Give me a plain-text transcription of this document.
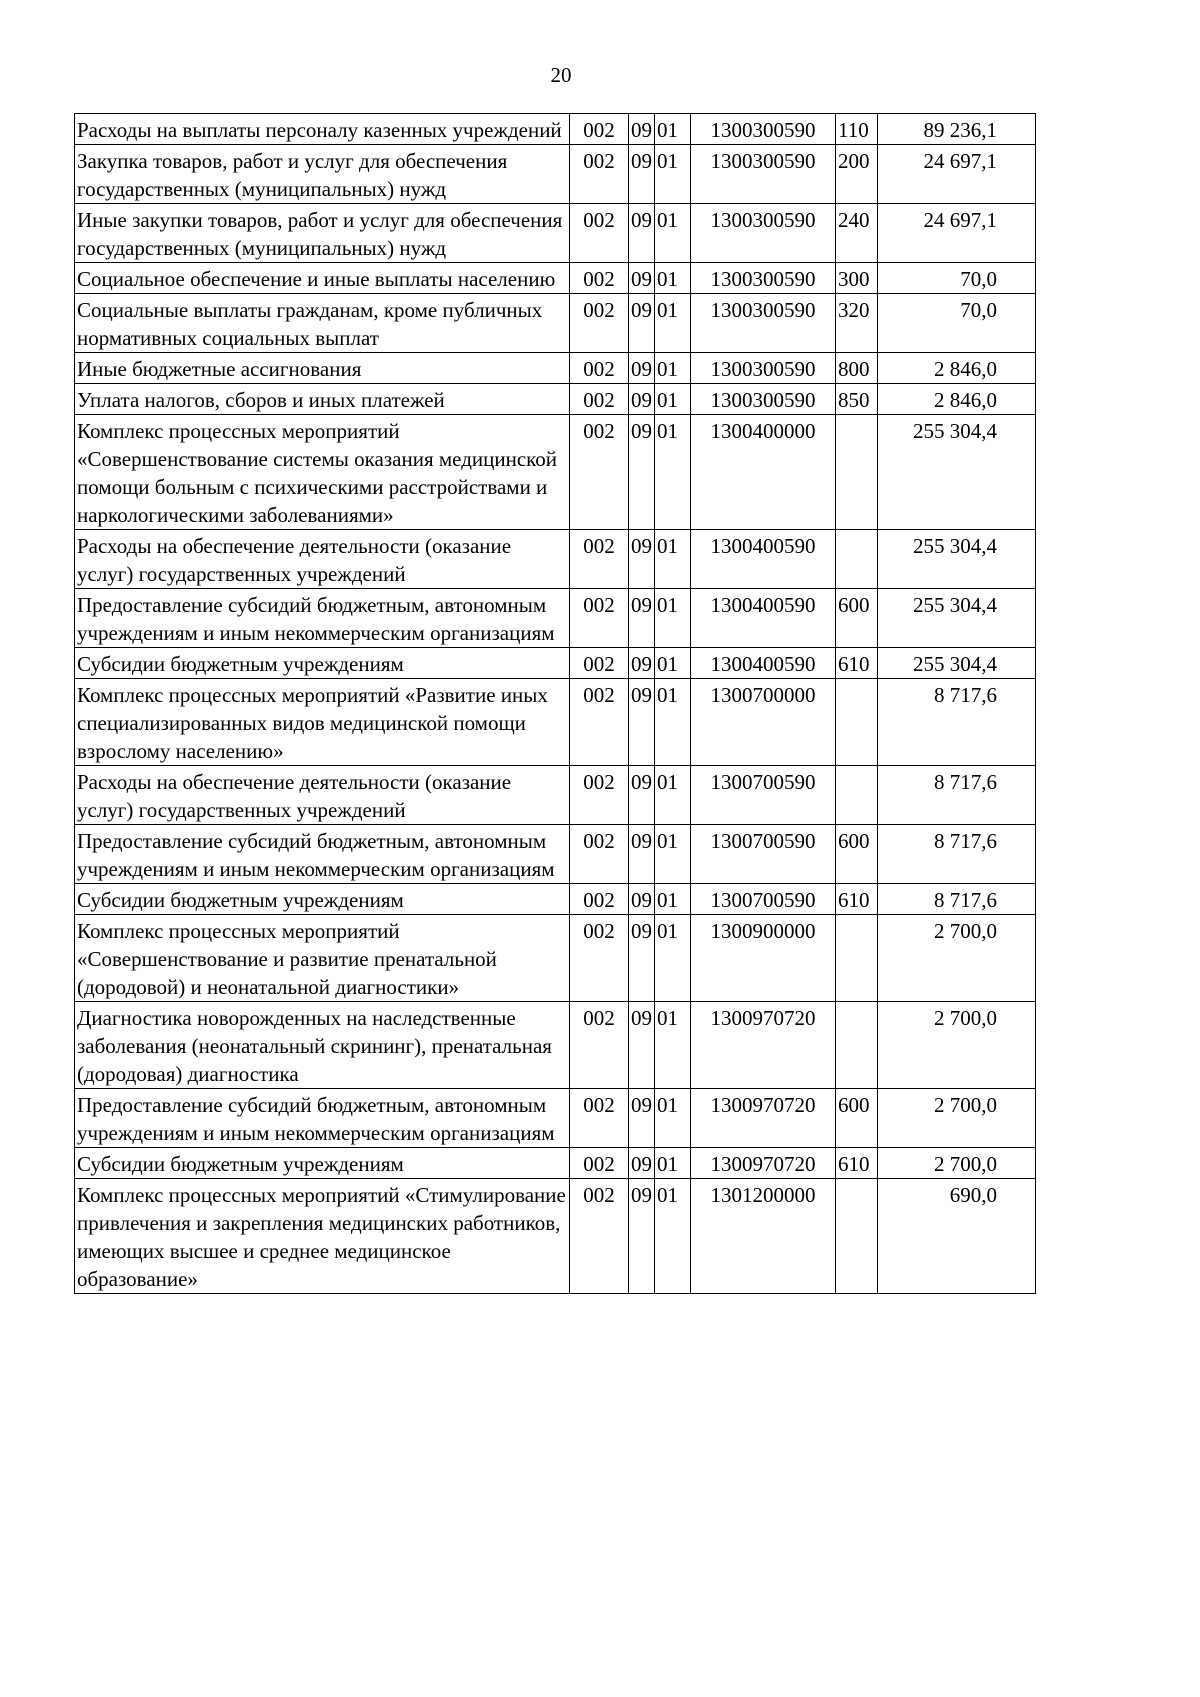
20
Расходы на выплаты персоналу казенных учреждений	002	09	01	1300300590	110	89 236,1
Закупка товаров, работ и услуг для обеспечения государственных (муниципальных) нужд	002	09	01	1300300590	200	24 697,1
Иные закупки товаров, работ и услуг для обеспечения государственных (муниципальных) нужд	002	09	01	1300300590	240	24 697,1
Социальное обеспечение и иные выплаты населению	002	09	01	1300300590	300	70,0
Социальные выплаты гражданам, кроме публичных нормативных социальных выплат	002	09	01	1300300590	320	70,0
Иные бюджетные ассигнования	002	09	01	1300300590	800	2 846,0
Уплата налогов, сборов и иных платежей	002	09	01	1300300590	850	2 846,0
Комплекс процессных мероприятий «Совершенствование системы оказания медицинской помощи больным с психическими расстройствами и наркологическими заболеваниями»	002	09	01	1300400000		255 304,4
Расходы на обеспечение деятельности (оказание услуг) государственных учреждений	002	09	01	1300400590		255 304,4
Предоставление субсидий бюджетным, автономным учреждениям и иным некоммерческим организациям	002	09	01	1300400590	600	255 304,4
Субсидии бюджетным учреждениям	002	09	01	1300400590	610	255 304,4
Комплекс процессных мероприятий «Развитие иных специализированных видов медицинской помощи взрослому населению»	002	09	01	1300700000		8 717,6
Расходы на обеспечение деятельности (оказание услуг) государственных учреждений	002	09	01	1300700590		8 717,6
Предоставление субсидий бюджетным, автономным учреждениям и иным некоммерческим организациям	002	09	01	1300700590	600	8 717,6
Субсидии бюджетным учреждениям	002	09	01	1300700590	610	8 717,6
Комплекс процессных мероприятий «Совершенствование и развитие пренатальной (дородовой) и неонатальной диагностики»	002	09	01	1300900000		2 700,0
Диагностика новорожденных на наследственные заболевания (неонатальный скрининг), пренатальная (дородовая) диагностика	002	09	01	1300970720		2 700,0
Предоставление субсидий бюджетным, автономным учреждениям и иным некоммерческим организациям	002	09	01	1300970720	600	2 700,0
Субсидии бюджетным учреждениям	002	09	01	1300970720	610	2 700,0
Комплекс процессных мероприятий «Стимулирование привлечения и закрепления медицинских работников, имеющих высшее и среднее медицинское образование»	002	09	01	1301200000		690,0
